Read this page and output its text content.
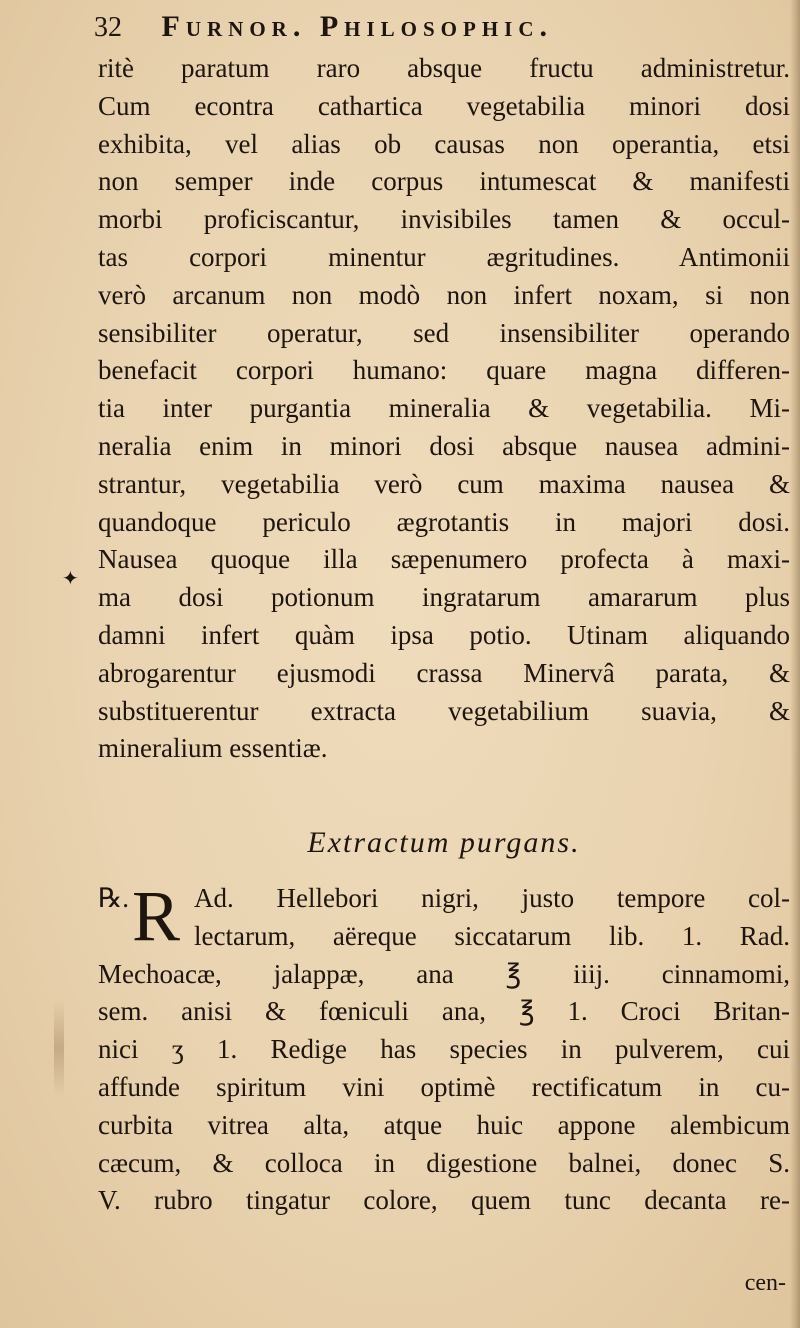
32 Furnor. Philosophic.
✦
ritè paratum raro absque fructu administretur.
Cum econtra cathartica vegetabilia minori dosi
exhibita, vel alias ob causas non operantia, etsi
non semper inde corpus intumescat & manifesti
morbi proficiscantur, invisibiles tamen & occul-
tas corpori minentur ægritudines. Antimonii
verò arcanum non modò non infert noxam, si non
sensibiliter operatur, sed insensibiliter operando
benefacit corpori humano: quare magna differen-
tia inter purgantia mineralia & vegetabilia. Mi-
neralia enim in minori dosi absque nausea admini-
strantur, vegetabilia verò cum maxima nausea &
quandoque periculo ægrotantis in majori dosi.
Nausea quoque illa sæpenumero profecta à maxi-
ma dosi potionum ingratarum amararum plus
damni infert quàm ipsa potio. Utinam aliquando
abrogarentur ejusmodi crassa Minervâ parata, &
substituerentur extracta vegetabilium suavia, &
mineralium essentiæ.
Extractum purgans.
℞. R Ad. Hellebori nigri, justo tempore col-
lectarum, aëreque siccatarum lib. 1. Rad.
Mechoacæ, jalappæ, ana ℥ iiij. cinnamomi,
sem. anisi & fœniculi ana, ℥ 1. Croci Britan-
nici ʒ 1. Redige has species in pulverem, cui
affunde spiritum vini optimè rectificatum in cu-
curbita vitrea alta, atque huic appone alembicum
cæcum, & colloca in digestione balnei, donec S.
V. rubro tingatur colore, quem tunc decanta re-
cen-
